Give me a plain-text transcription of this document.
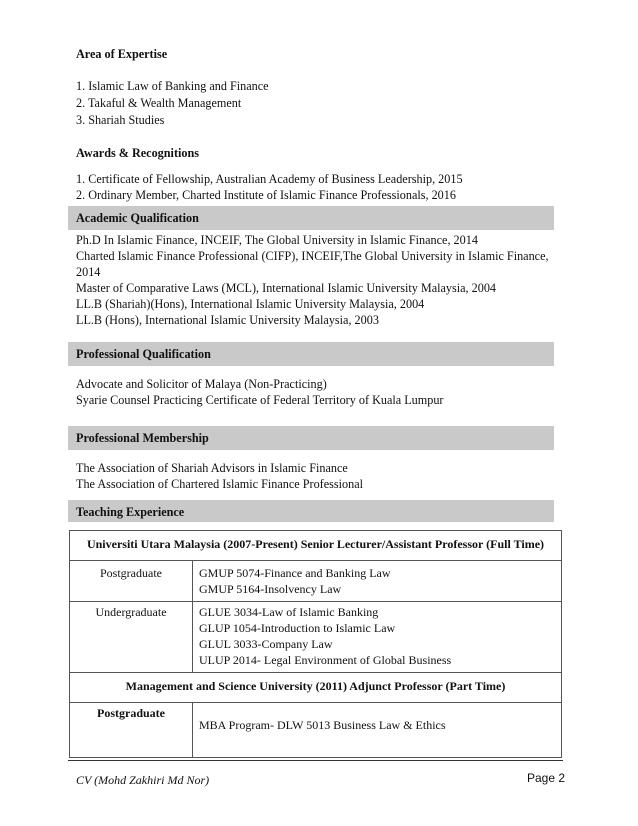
Area of Expertise
1. Islamic Law of Banking and Finance
2. Takaful & Wealth Management
3. Shariah Studies
Awards & Recognitions
1. Certificate of Fellowship, Australian Academy of Business Leadership, 2015
2. Ordinary Member, Charted Institute of Islamic Finance Professionals, 2016
Academic Qualification
Ph.D In Islamic Finance, INCEIF, The Global University in Islamic Finance, 2014
Charted Islamic Finance Professional (CIFP), INCEIF,The Global University in Islamic Finance, 2014
Master of Comparative Laws (MCL), International Islamic University Malaysia, 2004
LL.B (Shariah)(Hons), International Islamic University Malaysia, 2004
LL.B (Hons), International Islamic University Malaysia, 2003
Professional Qualification
Advocate and Solicitor of Malaya (Non-Practicing)
Syarie Counsel Practicing Certificate of Federal Territory of Kuala Lumpur
Professional Membership
The Association of Shariah Advisors in Islamic Finance
The Association of Chartered Islamic Finance Professional
Teaching Experience
Universiti Utara Malaysia (2007-Present) Senior Lecturer/Assistant Professor (Full Time)	
Postgraduate	GMUP 5074-Finance and Banking Law
GMUP 5164-Insolvency Law

Undergraduate	GLUE 3034-Law of Islamic Banking
GLUP 1054-Introduction to Islamic Law
GLUL 3033-Company Law
ULUP 2014- Legal Environment of Global Business

Management and Science University (2011) Adjunct Professor (Part Time)	
Postgraduate	MBA Program- DLW 5013 Business Law & Ethics
CV (Mohd Zakhiri Md Nor)	Page 2
